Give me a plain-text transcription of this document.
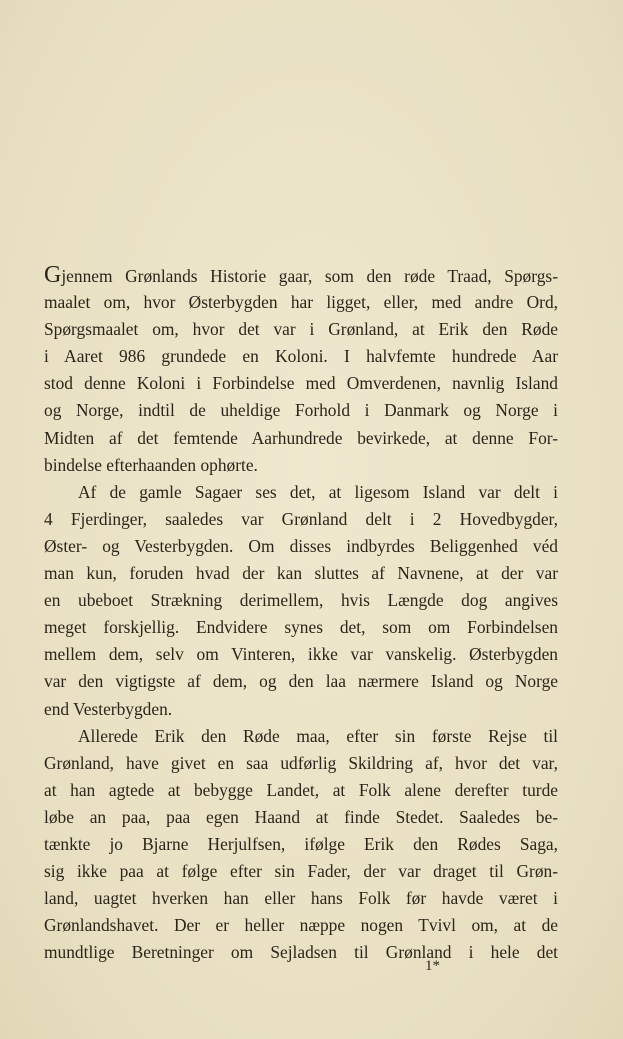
Gjennem Grønlands Historie gaar, som den røde Traad, Spørgs-
maalet om, hvor Østerbygden har ligget, eller, med andre Ord,
Spørgsmaalet om, hvor det var i Grønland, at Erik den Røde
i Aaret 986 grundede en Koloni. I halvfemte hundrede Aar
stod denne Koloni i Forbindelse med Omverdenen, navnlig Island
og Norge, indtil de uheldige Forhold i Danmark og Norge i
Midten af det femtende Aarhundrede bevirkede, at denne For-
bindelse efterhaanden ophørte.
Af de gamle Sagaer ses det, at ligesom Island var delt i
4 Fjerdinger, saaledes var Grønland delt i 2 Hovedbygder,
Øster- og Vesterbygden. Om disses indbyrdes Beliggenhed véd
man kun, foruden hvad der kan sluttes af Navnene, at der var
en ubeboet Strækning derimellem, hvis Længde dog angives
meget forskjellig. Endvidere synes det, som om Forbindelsen
mellem dem, selv om Vinteren, ikke var vanskelig. Østerbygden
var den vigtigste af dem, og den laa nærmere Island og Norge
end Vesterbygden.
Allerede Erik den Røde maa, efter sin første Rejse til
Grønland, have givet en saa udførlig Skildring af, hvor det var,
at han agtede at bebygge Landet, at Folk alene derefter turde
løbe an paa, paa egen Haand at finde Stedet. Saaledes be-
tænkte jo Bjarne Herjulfsen, ifølge Erik den Rødes Saga,
sig ikke paa at følge efter sin Fader, der var draget til Grøn-
land, uagtet hverken han eller hans Folk før havde været i
Grønlandshavet. Der er heller næppe nogen Tvivl om, at de
mundtlige Beretninger om Sejladsen til Grønland i hele det
1*
